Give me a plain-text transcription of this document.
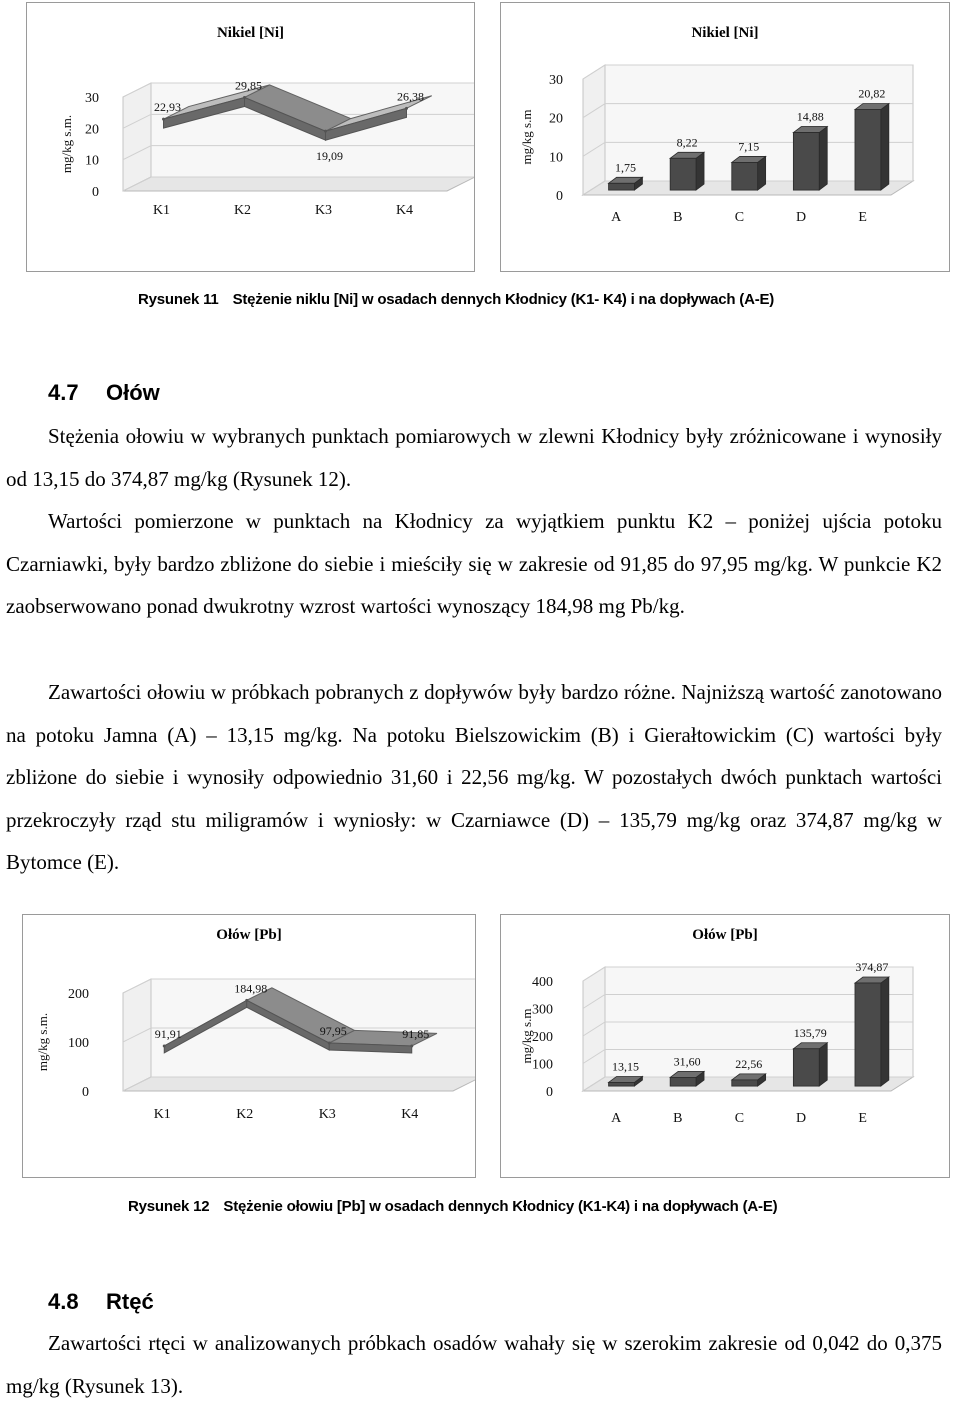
Nikiel [Ni]
0
10
20
30
mg/kg s.m.
22,93
29,85
19,09
26,38
K1	K2	K3	K4
Nikiel [Ni]
0
10
20
30
mg/kg s.m
1,75
8,22	7,15
14,88
20,82
A	B	C	D	E
Rysunek 11 Stężenie niklu [Ni] w osadach dennych Kłodnicy (K1- K4) i na dopływach (A-E)
4.7 Ołów

Stężenia ołowiu w wybranych punktach pomiarowych w zlewni Kłodnicy były zróżnicowane i wynosiły od 13,15 do 374,87 mg/kg (Rysunek 12).

Wartości pomierzone w punktach na Kłodnicy za wyjątkiem punktu K2 – poniżej ujścia potoku Czarniawki, były bardzo zbliżone do siebie i mieściły się w zakresie od 91,85 do 97,95 mg/kg. W punkcie K2 zaobserwowano ponad dwukrotny wzrost wartości wynoszący 184,98 mg Pb/kg.

Zawartości ołowiu w próbkach pobranych z dopływów były bardzo różne. Najniższą wartość zanotowano na potoku Jamna (A) – 13,15 mg/kg. Na potoku Bielszowickim (B) i Gierałtowickim (C) wartości były zbliżone do siebie i wynosiły odpowiednio 31,60 i 22,56 mg/kg. W pozostałych dwóch punktach wartości przekroczyły rząd stu miligramów i wyniosły: w Czarniawce (D) – 135,79 mg/kg oraz 374,87 mg/kg w Bytomce (E).

Ołów [Pb]
0
100
200
mg/kg s.m.	91,91
184,98
97,95	91,85
K1	K2	K3	K4
Ołów [Pb]
0
100
200
300
400
mg/kg s.m
13,15	31,60	22,56
135,79
374,87
A	B	C	D	E
Rysunek 12 Stężenie ołowiu [Pb] w osadach dennych Kłodnicy (K1-K4) i na dopływach (A-E)
4.8 Rtęć

Zawartości rtęci w analizowanych próbkach osadów wahały się w szerokim zakresie od 0,042 do 0,375 mg/kg (Rysunek 13).
